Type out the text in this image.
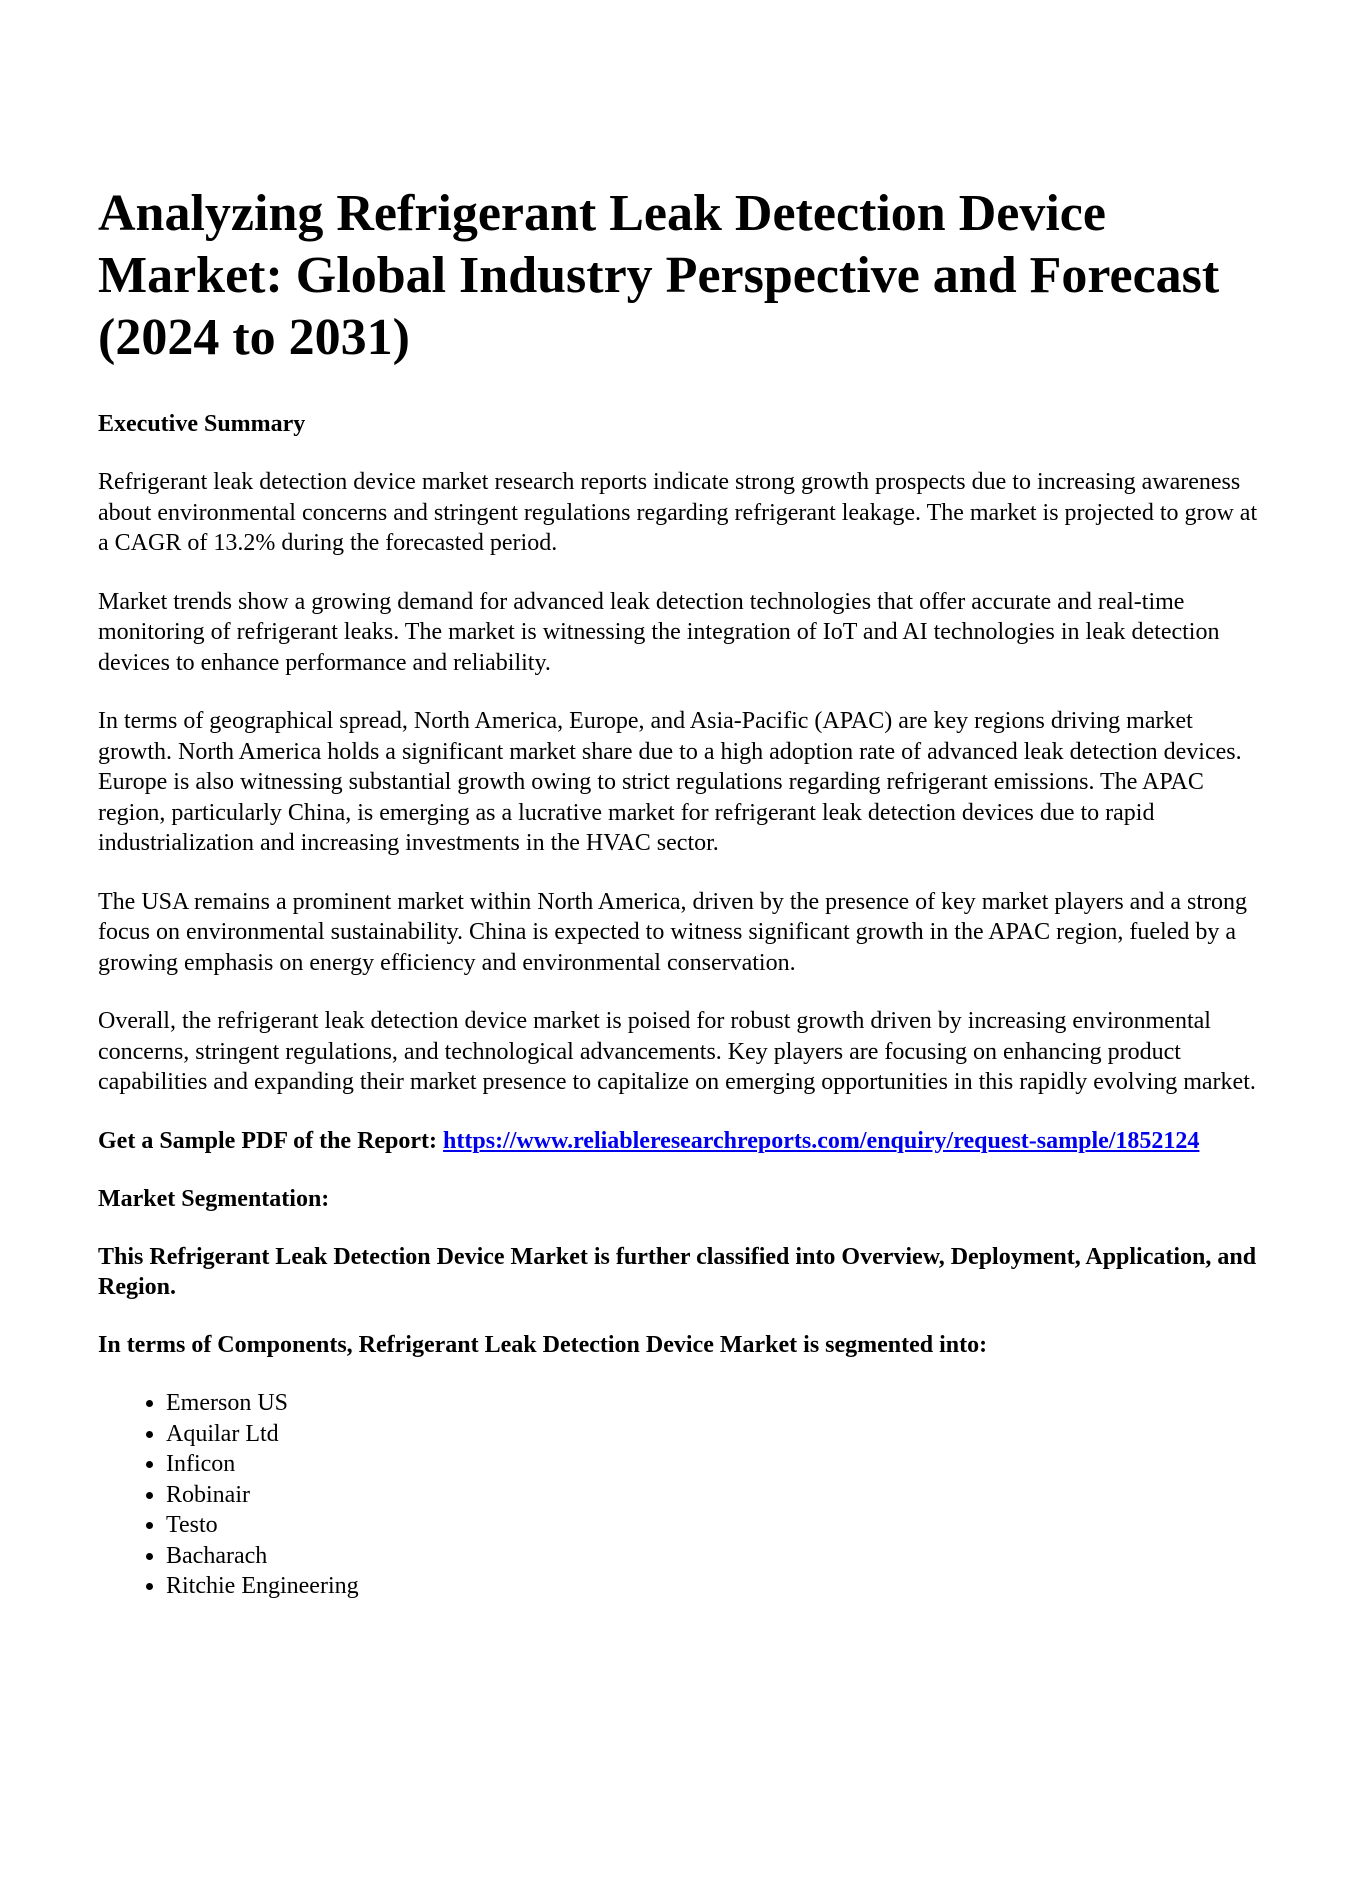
Analyzing Refrigerant Leak Detection Device Market: Global Industry Perspective and Forecast (2024 to 2031)
Executive Summary

Refrigerant leak detection device market research reports indicate strong growth prospects due to increasing awareness about environmental concerns and stringent regulations regarding refrigerant leakage. The market is projected to grow at a CAGR of 13.2% during the forecasted period.

Market trends show a growing demand for advanced leak detection technologies that offer accurate and real-time monitoring of refrigerant leaks. The market is witnessing the integration of IoT and AI technologies in leak detection devices to enhance performance and reliability.

In terms of geographical spread, North America, Europe, and Asia-Pacific (APAC) are key regions driving market growth. North America holds a significant market share due to a high adoption rate of advanced leak detection devices. Europe is also witnessing substantial growth owing to strict regulations regarding refrigerant emissions. The APAC region, particularly China, is emerging as a lucrative market for refrigerant leak detection devices due to rapid industrialization and increasing investments in the HVAC sector.

The USA remains a prominent market within North America, driven by the presence of key market players and a strong focus on environmental sustainability. China is expected to witness significant growth in the APAC region, fueled by a growing emphasis on energy efficiency and environmental conservation.

Overall, the refrigerant leak detection device market is poised for robust growth driven by increasing environmental concerns, stringent regulations, and technological advancements. Key players are focusing on enhancing product capabilities and expanding their market presence to capitalize on emerging opportunities in this rapidly evolving market.

Get a Sample PDF of the Report: https://www.reliableresearchreports.com/enquiry/request-sample/1852124
Market Segmentation:
This Refrigerant Leak Detection Device Market is further classified into Overview, Deployment, Application, and Region.
In terms of Components, Refrigerant Leak Detection Device Market is segmented into:
• Emerson US
• Aquilar Ltd
• Inficon
• Robinair
• Testo
• Bacharach
• Ritchie Engineering
